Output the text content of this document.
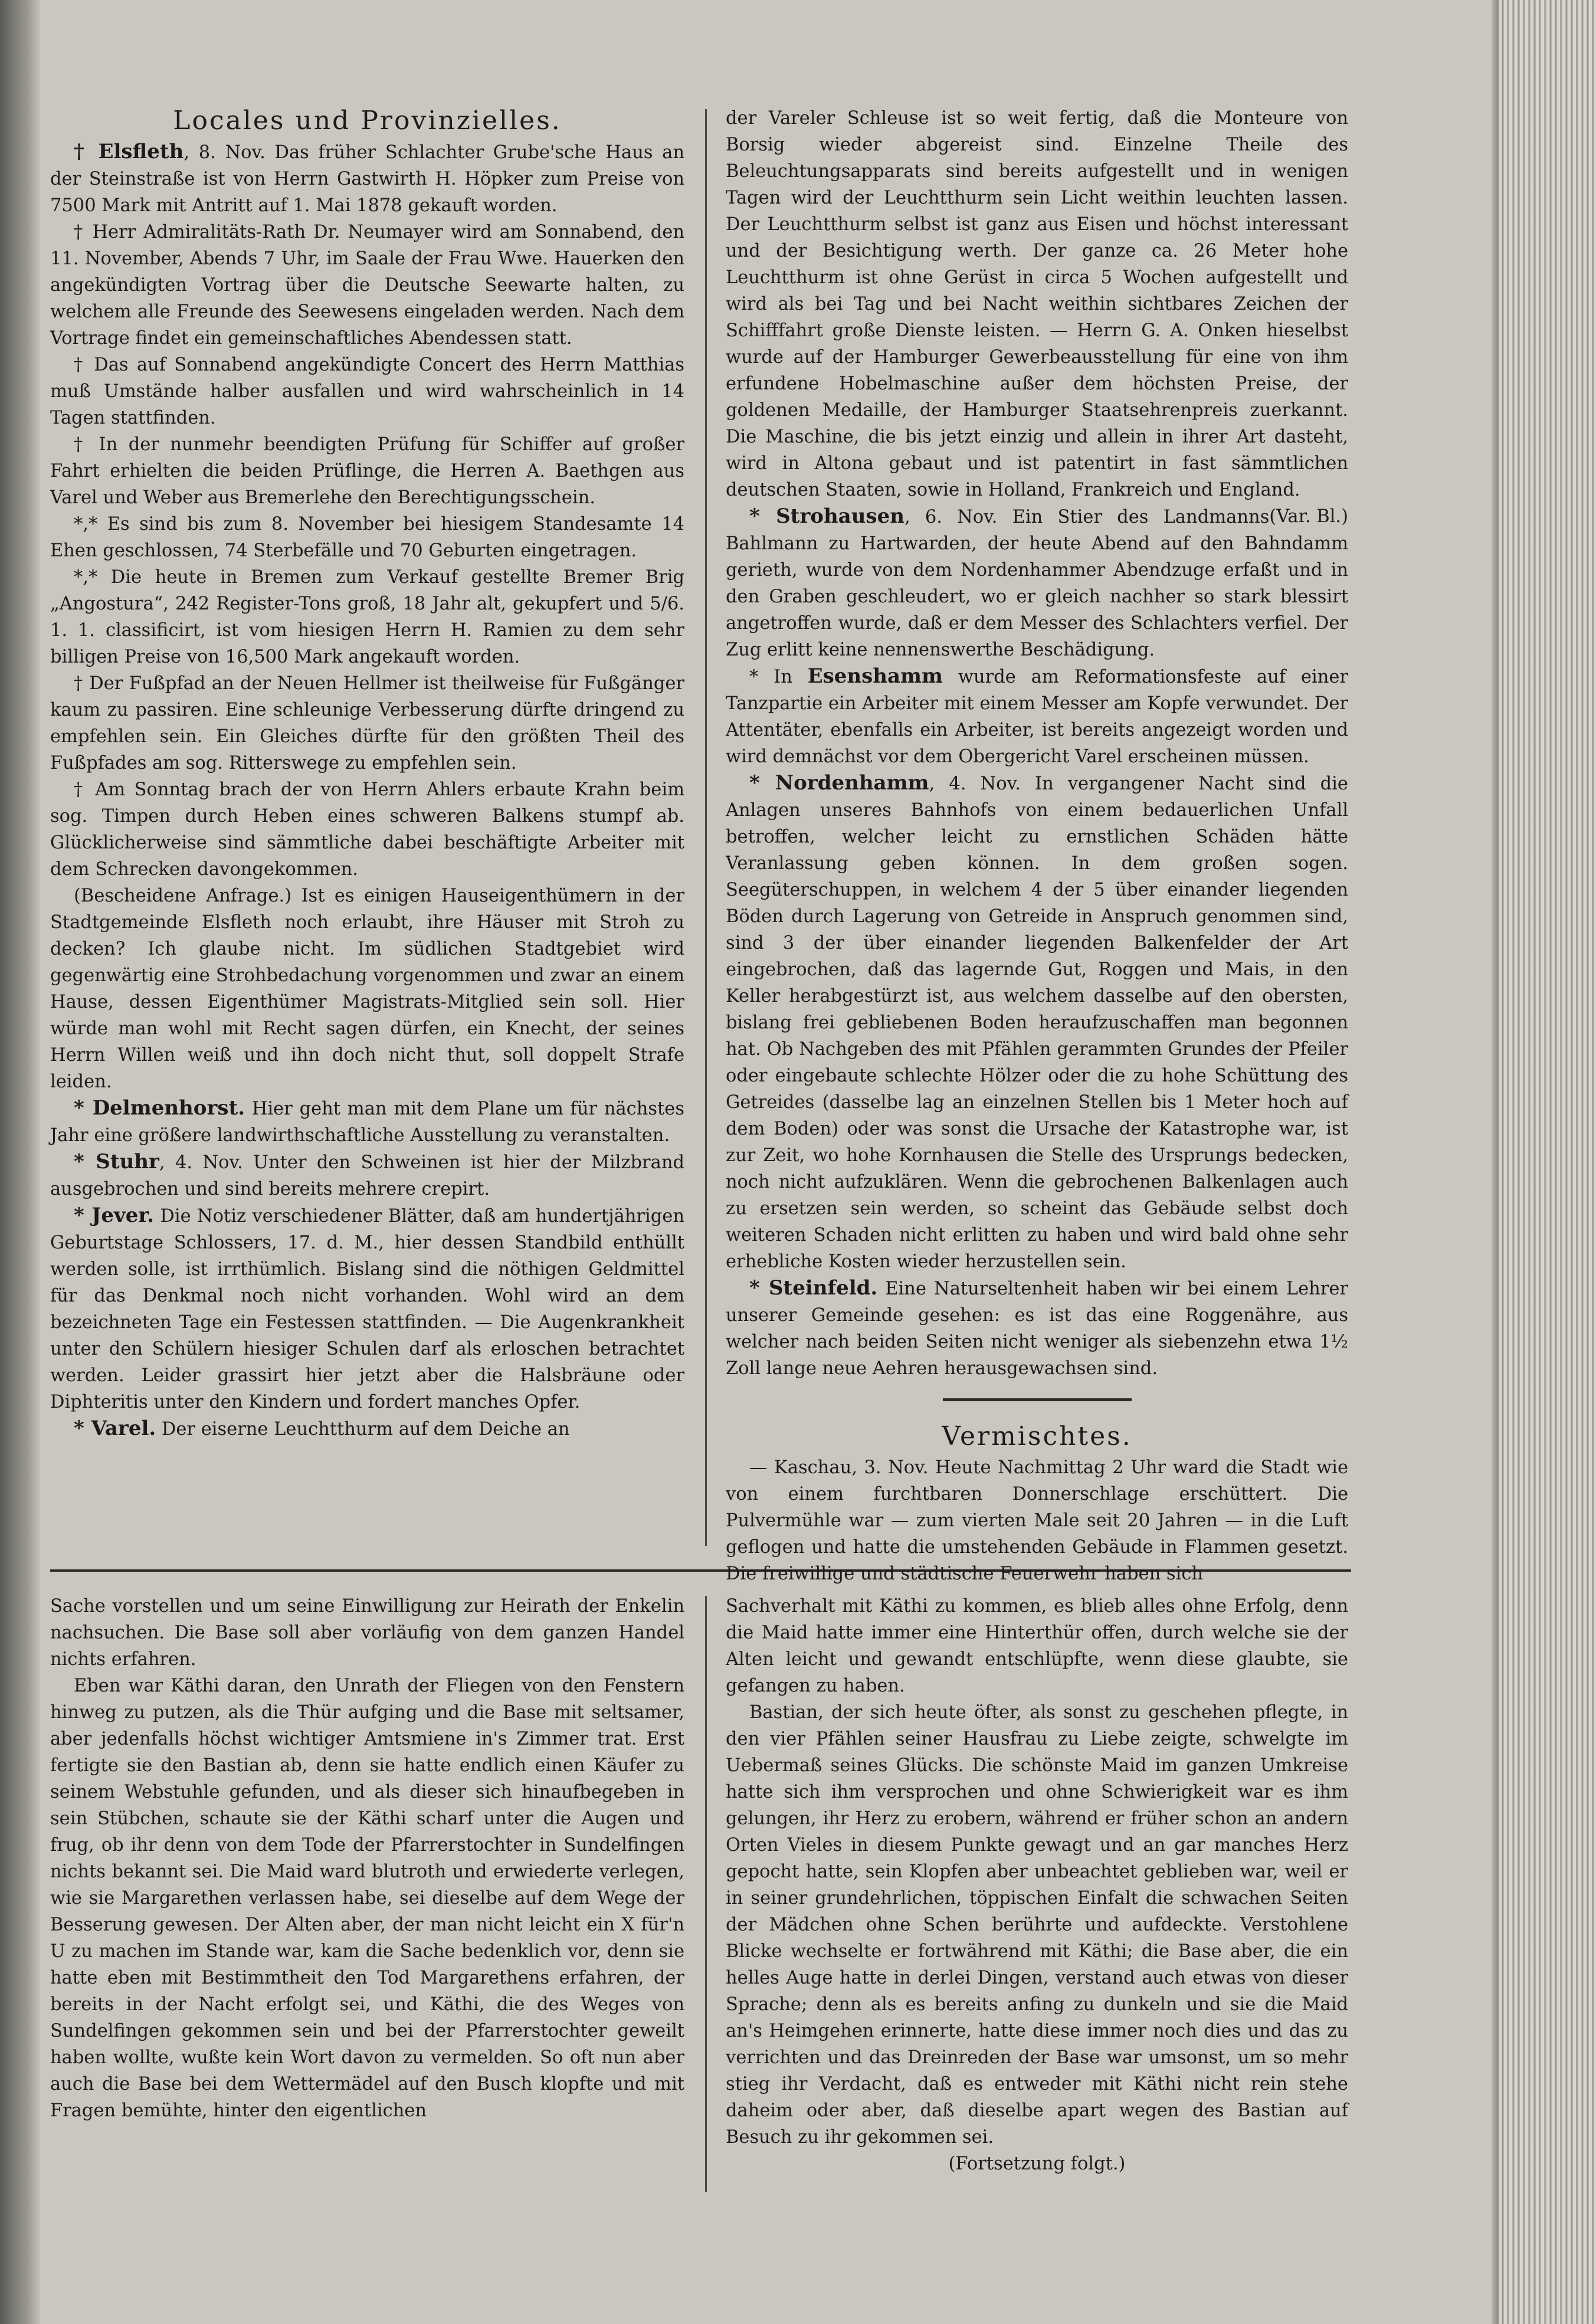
Locales und Provinzielles.

† Elsfleth, 8. Nov. Das früher Schlachter Grube'sche Haus an der Steinstraße ist von Herrn Gastwirth H. Höpker zum Preise von 7500 Mark mit Antritt auf 1. Mai 1878 gekauft worden.

† Herr Admiralitäts-Rath Dr. Neumayer wird am Sonnabend, den 11. November, Abends 7 Uhr, im Saale der Frau Wwe. Hauerken den angekündigten Vortrag über die Deutsche Seewarte halten, zu welchem alle Freunde des Seewesens eingeladen werden. Nach dem Vortrage findet ein gemeinschaftliches Abendessen statt.

† Das auf Sonnabend angekündigte Concert des Herrn Matthias muß Umstände halber ausfallen und wird wahrscheinlich in 14 Tagen stattfinden.

† In der nunmehr beendigten Prüfung für Schiffer auf großer Fahrt erhielten die beiden Prüflinge, die Herren A. Baethgen aus Varel und Weber aus Bremerlehe den Berechtigungsschein.

*,* Es sind bis zum 8. November bei hiesigem Standesamte 14 Ehen geschlossen, 74 Sterbefälle und 70 Geburten eingetragen.

*,* Die heute in Bremen zum Verkauf gestellte Bremer Brig „Angostura“, 242 Register-Tons groß, 18 Jahr alt, gekupfert und 5/6. 1. 1. classificirt, ist vom hiesigen Herrn H. Ramien zu dem sehr billigen Preise von 16,500 Mark angekauft worden.

† Der Fußpfad an der Neuen Hellmer ist theilweise für Fußgänger kaum zu passiren. Eine schleunige Verbesserung dürfte dringend zu empfehlen sein. Ein Gleiches dürfte für den größten Theil des Fußpfades am sog. Ritterswege zu empfehlen sein.

† Am Sonntag brach der von Herrn Ahlers erbaute Krahn beim sog. Timpen durch Heben eines schweren Balkens stumpf ab. Glücklicherweise sind sämmtliche dabei beschäftigte Arbeiter mit dem Schrecken davongekommen.

(Bescheidene Anfrage.) Ist es einigen Hauseigenthümern in der Stadtgemeinde Elsfleth noch erlaubt, ihre Häuser mit Stroh zu decken? Ich glaube nicht. Im südlichen Stadtgebiet wird gegenwärtig eine Strohbedachung vorgenommen und zwar an einem Hause, dessen Eigenthümer Magistrats-Mitglied sein soll. Hier würde man wohl mit Recht sagen dürfen, ein Knecht, der seines Herrn Willen weiß und ihn doch nicht thut, soll doppelt Strafe leiden.

* Delmenhorst. Hier geht man mit dem Plane um für nächstes Jahr eine größere landwirthschaftliche Ausstellung zu veranstalten.

* Stuhr, 4. Nov. Unter den Schweinen ist hier der Milzbrand ausgebrochen und sind bereits mehrere crepirt.

* Jever. Die Notiz verschiedener Blätter, daß am hundertjährigen Geburtstage Schlossers, 17. d. M., hier dessen Standbild enthüllt werden solle, ist irrthümlich. Bislang sind die nöthigen Geldmittel für das Denkmal noch nicht vorhanden. Wohl wird an dem bezeichneten Tage ein Festessen stattfinden. — Die Augenkrankheit unter den Schülern hiesiger Schulen darf als erloschen betrachtet werden. Leider grassirt hier jetzt aber die Halsbräune oder Diphteritis unter den Kindern und fordert manches Opfer.

* Varel. Der eiserne Leuchtthurm auf dem Deiche an

der Vareler Schleuse ist so weit fertig, daß die Monteure von Borsig wieder abgereist sind. Einzelne Theile des Beleuchtungsapparats sind bereits aufgestellt und in wenigen Tagen wird der Leuchtthurm sein Licht weithin leuchten lassen. Der Leuchtthurm selbst ist ganz aus Eisen und höchst interessant und der Besichtigung werth. Der ganze ca. 26 Meter hohe Leuchtthurm ist ohne Gerüst in circa 5 Wochen aufgestellt und wird als bei Tag und bei Nacht weithin sichtbares Zeichen der Schifffahrt große Dienste leisten. — Herrn G. A. Onken hieselbst wurde auf der Hamburger Gewerbeausstellung für eine von ihm erfundene Hobelmaschine außer dem höchsten Preise, der goldenen Medaille, der Hamburger Staatsehrenpreis zuerkannt. Die Maschine, die bis jetzt einzig und allein in ihrer Art dasteht, wird in Altona gebaut und ist patentirt in fast sämmtlichen deutschen Staaten, sowie in Holland, Frankreich und England.
(Var. Bl.)

* Strohausen, 6. Nov. Ein Stier des Landmanns Bahlmann zu Hartwarden, der heute Abend auf den Bahndamm gerieth, wurde von dem Nordenhammer Abendzuge erfaßt und in den Graben geschleudert, wo er gleich nachher so stark blessirt angetroffen wurde, daß er dem Messer des Schlachters verfiel. Der Zug erlitt keine nennenswerthe Beschädigung.

* In Esenshamm wurde am Reformationsfeste auf einer Tanzpartie ein Arbeiter mit einem Messer am Kopfe verwundet. Der Attentäter, ebenfalls ein Arbeiter, ist bereits angezeigt worden und wird demnächst vor dem Obergericht Varel erscheinen müssen.

* Nordenhamm, 4. Nov. In vergangener Nacht sind die Anlagen unseres Bahnhofs von einem bedauerlichen Unfall betroffen, welcher leicht zu ernstlichen Schäden hätte Veranlassung geben können. In dem großen sogen. Seegüterschuppen, in welchem 4 der 5 über einander liegenden Böden durch Lagerung von Getreide in Anspruch genommen sind, sind 3 der über einander liegenden Balkenfelder der Art eingebrochen, daß das lagernde Gut, Roggen und Mais, in den Keller herabgestürzt ist, aus welchem dasselbe auf den obersten, bislang frei gebliebenen Boden heraufzuschaffen man begonnen hat. Ob Nachgeben des mit Pfählen gerammten Grundes der Pfeiler oder eingebaute schlechte Hölzer oder die zu hohe Schüttung des Getreides (dasselbe lag an einzelnen Stellen bis 1 Meter hoch auf dem Boden) oder was sonst die Ursache der Katastrophe war, ist zur Zeit, wo hohe Kornhausen die Stelle des Ursprungs bedecken, noch nicht aufzuklären. Wenn die gebrochenen Balkenlagen auch zu ersetzen sein werden, so scheint das Gebäude selbst doch weiteren Schaden nicht erlitten zu haben und wird bald ohne sehr erhebliche Kosten wieder herzustellen sein.

* Steinfeld. Eine Naturseltenheit haben wir bei einem Lehrer unserer Gemeinde gesehen: es ist das eine Roggenähre, aus welcher nach beiden Seiten nicht weniger als siebenzehn etwa 1½ Zoll lange neue Aehren herausgewachsen sind.

Vermischtes.

— Kaschau, 3. Nov. Heute Nachmittag 2 Uhr ward die Stadt wie von einem furchtbaren Donnerschlage erschüttert. Die Pulvermühle war — zum vierten Male seit 20 Jahren — in die Luft geflogen und hatte die umstehenden Gebäude in Flammen gesetzt. Die freiwillige und städtische Feuerwehr haben sich

Sache vorstellen und um seine Einwilligung zur Heirath der Enkelin nachsuchen. Die Base soll aber vorläufig von dem ganzen Handel nichts erfahren.

Eben war Käthi daran, den Unrath der Fliegen von den Fenstern hinweg zu putzen, als die Thür aufging und die Base mit seltsamer, aber jedenfalls höchst wichtiger Amtsmiene in's Zimmer trat. Erst fertigte sie den Bastian ab, denn sie hatte endlich einen Käufer zu seinem Webstuhle gefunden, und als dieser sich hinaufbegeben in sein Stübchen, schaute sie der Käthi scharf unter die Augen und frug, ob ihr denn von dem Tode der Pfarrerstochter in Sundelfingen nichts bekannt sei. Die Maid ward blutroth und erwiederte verlegen, wie sie Margarethen verlassen habe, sei dieselbe auf dem Wege der Besserung gewesen. Der Alten aber, der man nicht leicht ein X für'n U zu machen im Stande war, kam die Sache bedenklich vor, denn sie hatte eben mit Bestimmtheit den Tod Margarethens erfahren, der bereits in der Nacht erfolgt sei, und Käthi, die des Weges von Sundelfingen gekommen sein und bei der Pfarrerstochter geweilt haben wollte, wußte kein Wort davon zu vermelden. So oft nun aber auch die Base bei dem Wettermädel auf den Busch klopfte und mit Fragen bemühte, hinter den eigentlichen

Sachverhalt mit Käthi zu kommen, es blieb alles ohne Erfolg, denn die Maid hatte immer eine Hinterthür offen, durch welche sie der Alten leicht und gewandt entschlüpfte, wenn diese glaubte, sie gefangen zu haben.

Bastian, der sich heute öfter, als sonst zu geschehen pflegte, in den vier Pfählen seiner Hausfrau zu Liebe zeigte, schwelgte im Uebermaß seines Glücks. Die schönste Maid im ganzen Umkreise hatte sich ihm versprochen und ohne Schwierigkeit war es ihm gelungen, ihr Herz zu erobern, während er früher schon an andern Orten Vieles in diesem Punkte gewagt und an gar manches Herz gepocht hatte, sein Klopfen aber unbeachtet geblieben war, weil er in seiner grundehrlichen, töppischen Einfalt die schwachen Seiten der Mädchen ohne Schen berührte und aufdeckte. Verstohlene Blicke wechselte er fortwährend mit Käthi; die Base aber, die ein helles Auge hatte in derlei Dingen, verstand auch etwas von dieser Sprache; denn als es bereits anfing zu dunkeln und sie die Maid an's Heimgehen erinnerte, hatte diese immer noch dies und das zu verrichten und das Dreinreden der Base war umsonst, um so mehr stieg ihr Verdacht, daß es entweder mit Käthi nicht rein stehe daheim oder aber, daß dieselbe apart wegen des Bastian auf Besuch zu ihr gekommen sei.

(Fortsetzung folgt.)
